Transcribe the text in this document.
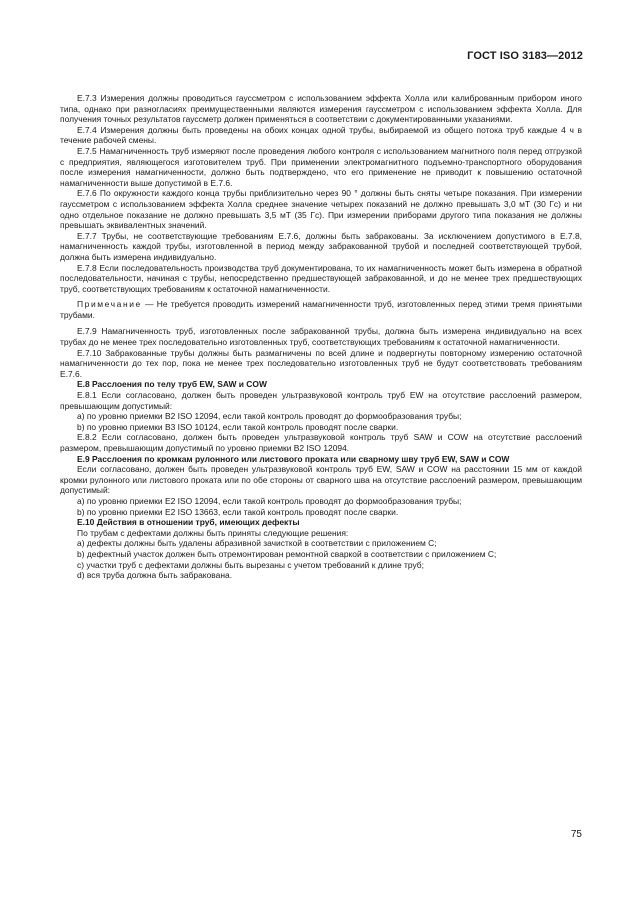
ГОСТ ISO 3183—2012

E.7.3 Измерения должны проводиться гауссметром с использованием эффекта Холла или калиброванным прибором иного типа, однако при разногласиях преимущественными являются измерения гауссметром с использованием эффекта Холла. Для получения точных результатов гауссметр должен применяться в соответствии с документированными указаниями.

E.7.4 Измерения должны быть проведены на обоих концах одной трубы, выбираемой из общего потока труб каждые 4 ч в течение рабочей смены.

E.7.5 Намагниченность труб измеряют после проведения любого контроля с использованием магнитного поля перед отгрузкой с предприятия, являющегося изготовителем труб. При применении электромагнитного подъемно-транспортного оборудования после измерения намагниченности, должно быть подтверждено, что его применение не приводит к повышению остаточной намагниченности выше допустимой в Е.7.6.

E.7.6 По окружности каждого конца трубы приблизительно через 90 ° должны быть сняты четыре показания. При измерении гауссметром с использованием эффекта Холла среднее значение четырех показаний не должно превышать 3,0 мТ (30 Гс) и ни одно отдельное показание не должно превышать 3,5 мТ (35 Гс). При измерении приборами другого типа показания не должны превышать эквивалентных значений.

E.7.7 Трубы, не соответствующие требованиям Е.7.6, должны быть забракованы. За исключением допустимого в Е.7.8, намагниченность каждой трубы, изготовленной в период между забракованной трубой и последней соответствующей трубой, должна быть измерена индивидуально.

E.7.8 Если последовательность производства труб документирована, то их намагниченность может быть измерена в обратной последовательности, начиная с трубы, непосредственно предшествующей забракованной, и до не менее трех предшествующих труб, соответствующих требованиям к остаточной намагниченности.

Примечание — Не требуется проводить измерений намагниченности труб, изготовленных перед этими тремя принятыми трубами.

E.7.9 Намагниченность труб, изготовленных после забракованной трубы, должна быть измерена индивидуально на всех трубах до не менее трех последовательно изготовленных труб, соответствующих требованиям к остаточной намагниченности.

E.7.10 Забракованные трубы должны быть размагничены по всей длине и подвергнуты повторному измерению остаточной намагниченности до тех пор, пока не менее трех последовательно изготовленных труб не будут соответствовать требованиям Е.7.6.

E.8 Расслоения по телу труб EW, SAW и COW

E.8.1 Если согласовано, должен быть проведен ультразвуковой контроль труб EW на отсутствие расслоений размером, превышающим допустимый:

a) по уровню приемки B2 ISO 12094, если такой контроль проводят до формообразования трубы;

b) по уровню приемки B3 ISO 10124, если такой контроль проводят после сварки.

E.8.2 Если согласовано, должен быть проведен ультразвуковой контроль труб SAW и COW на отсутствие расслоений размером, превышающим допустимый по уровню приемки B2 ISO 12094.

E.9 Расслоения по кромкам рулонного или листового проката или сварному шву труб EW, SAW и COW

Если согласовано, должен быть проведен ультразвуковой контроль труб EW, SAW и COW на расстоянии 15 мм от каждой кромки рулонного или листового проката или по обе стороны от сварного шва на отсутствие расслоений размером, превышающим допустимый:

a) по уровню приемки E2 ISO 12094, если такой контроль проводят до формообразования трубы;

b) по уровню приемки E2 ISO 13663, если такой контроль проводят после сварки.

E.10 Действия в отношении труб, имеющих дефекты

По трубам с дефектами должны быть приняты следующие решения:

a) дефекты должны быть удалены абразивной зачисткой в соответствии с приложением С;

b) дефектный участок должен быть отремонтирован ремонтной сваркой в соответствии с приложением С;

c) участки труб с дефектами должны быть вырезаны с учетом требований к длине труб;

d) вся труба должна быть забракована.

75
